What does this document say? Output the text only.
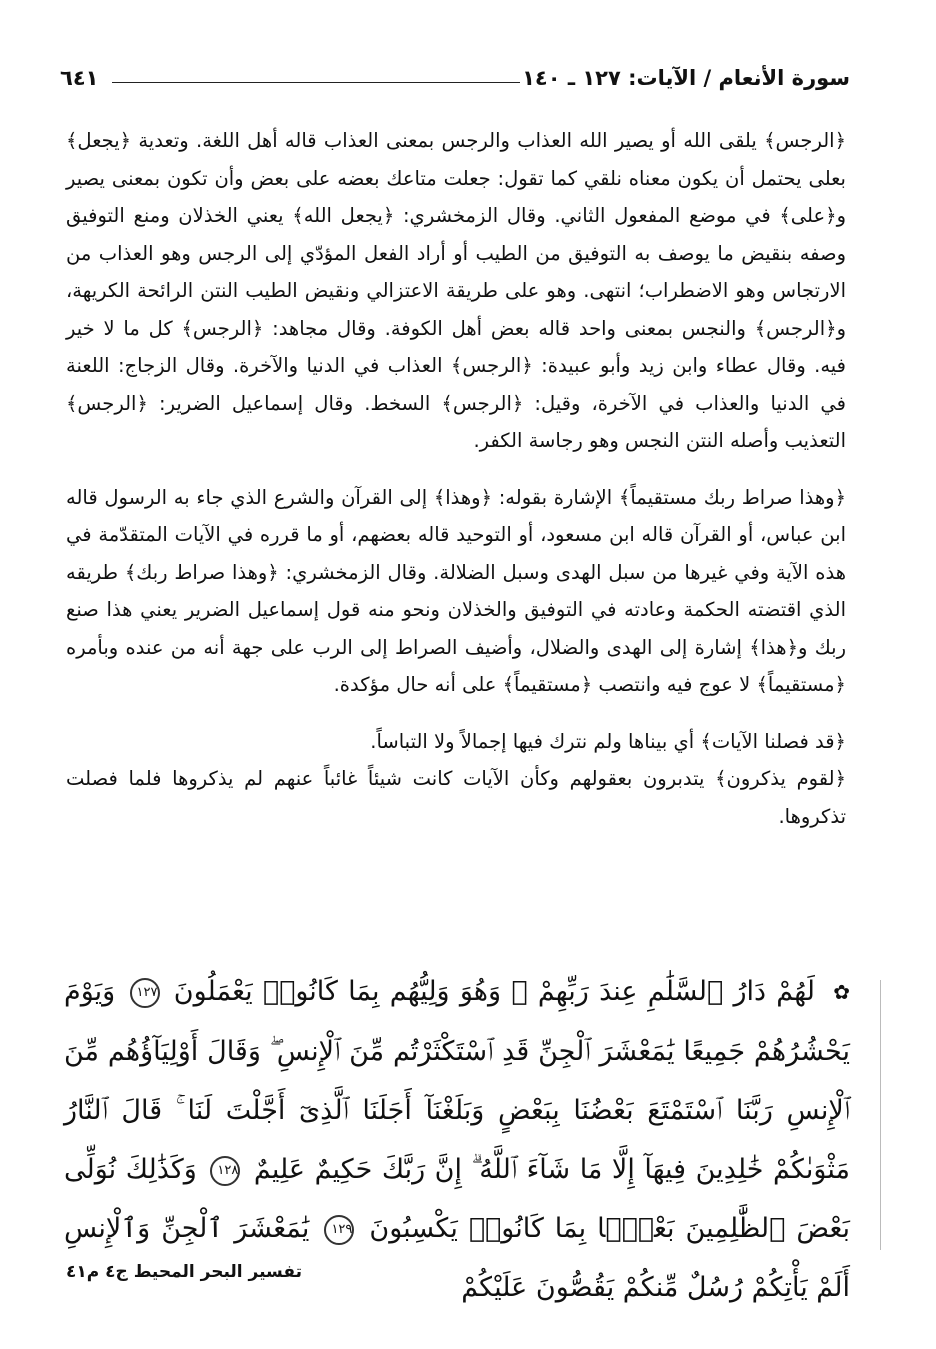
سورة الأنعام / الآيات: ١٢٧ ـ ١٤٠
٦٤١

﴿الرجس﴾ يلقى الله أو يصير الله العذاب والرجس بمعنى العذاب قاله أهل اللغة. وتعدية ﴿يجعل﴾ بعلى يحتمل أن يكون معناه نلقي كما تقول: جعلت متاعك بعضه على بعض وأن تكون بمعنى يصير و﴿على﴾ في موضع المفعول الثاني. وقال الزمخشري: ﴿يجعل الله﴾ يعني الخذلان ومنع التوفيق وصفه بنقيض ما يوصف به التوفيق من الطيب أو أراد الفعل المؤدّي إلى الرجس وهو العذاب من الارتجاس وهو الاضطراب؛ انتهى. وهو على طريقة الاعتزالي ونقيض الطيب النتن الرائحة الكريهة، و﴿الرجس﴾ والنجس بمعنى واحد قاله بعض أهل الكوفة. وقال مجاهد: ﴿الرجس﴾ كل ما لا خير فيه. وقال عطاء وابن زيد وأبو عبيدة: ﴿الرجس﴾ العذاب في الدنيا والآخرة. وقال الزجاج: اللعنة في الدنيا والعذاب في الآخرة، وقيل: ﴿الرجس﴾ السخط. وقال إسماعيل الضرير: ﴿الرجس﴾ التعذيب وأصله النتن النجس وهو رجاسة الكفر.

﴿وهذا صراط ربك مستقيماً﴾ الإشارة بقوله: ﴿وهذا﴾ إلى القرآن والشرع الذي جاء به الرسول قاله ابن عباس، أو القرآن قاله ابن مسعود، أو التوحيد قاله بعضهم، أو ما قرره في الآيات المتقدّمة في هذه الآية وفي غيرها من سبل الهدى وسبل الضلالة. وقال الزمخشري: ﴿وهذا صراط ربك﴾ طريقه الذي اقتضته الحكمة وعادته في التوفيق والخذلان ونحو منه قول إسماعيل الضرير يعني هذا صنع ربك و﴿هذا﴾ إشارة إلى الهدى والضلال، وأضيف الصراط إلى الرب على جهة أنه من عنده وبأمره ﴿مستقيماً﴾ لا عوج فيه وانتصب ﴿مستقيماً﴾ على أنه حال مؤكدة.

﴿قد فصلنا الآيات﴾ أي بيناها ولم نترك فيها إجمالاً ولا التباساً.

﴿لقوم يذكرون﴾ يتدبرون بعقولهم وكأن الآيات كانت شيئاً غائباً عنهم لم يذكروها فلما فصلت تذكروها.

✿ لَهُمْ دَارُ ٱلسَّلَٰمِ عِندَ رَبِّهِمْ ۖ وَهُوَ وَلِيُّهُم بِمَا كَانُوا۟ يَعْمَلُونَ ١٢٧ وَيَوْمَ يَحْشُرُهُمْ جَمِيعًا يَٰمَعْشَرَ ٱلْجِنِّ قَدِ ٱسْتَكْثَرْتُم مِّنَ ٱلْإِنسِ ۖ وَقَالَ أَوْلِيَآؤُهُم مِّنَ ٱلْإِنسِ رَبَّنَا ٱسْتَمْتَعَ بَعْضُنَا بِبَعْضٍ وَبَلَغْنَآ أَجَلَنَا ٱلَّذِىٓ أَجَّلْتَ لَنَا ۚ قَالَ ٱلنَّارُ مَثْوَىٰكُمْ خَٰلِدِينَ فِيهَآ إِلَّا مَا شَآءَ ٱللَّهُ ۗ إِنَّ رَبَّكَ حَكِيمٌ عَلِيمٌ ١٢٨ وَكَذَٰلِكَ نُوَلِّى بَعْضَ ٱلظَّٰلِمِينَ بَعْضًۢا بِمَا كَانُوا۟ يَكْسِبُونَ ١٢٩ يَٰمَعْشَرَ ٱلْجِنِّ وَٱلْإِنسِ أَلَمْ يَأْتِكُمْ رُسُلٌ مِّنكُمْ يَقُصُّونَ عَلَيْكُمْ
تفسير البحر المحيط ج٤ م٤١
